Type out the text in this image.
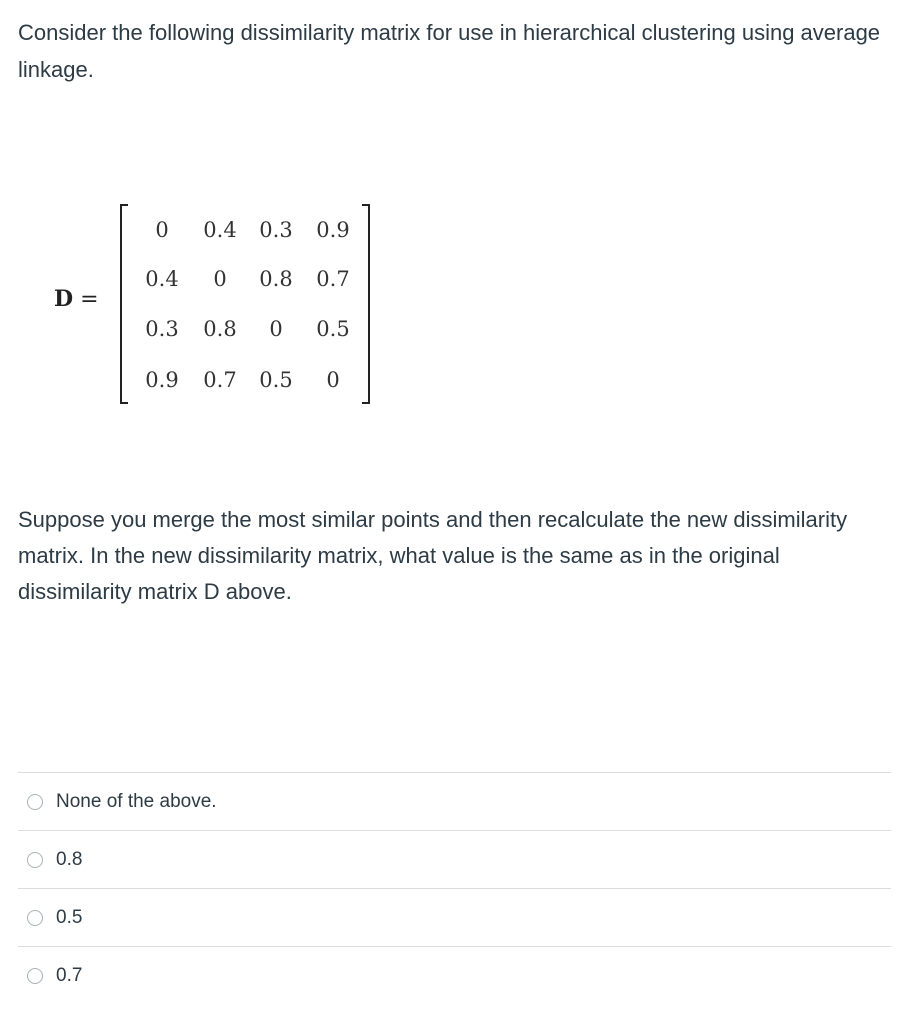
Consider the following dissimilarity matrix for use in hierarchical clustering using average linkage.

D =
0	0.4	0.3	0.9
0.4	0	0.8	0.7
0.3	0.8	0	0.5
0.9	0.7	0.5	0

Suppose you merge the most similar points and then recalculate the new dissimilarity matrix. In the new dissimilarity matrix, what value is the same as in the original dissimilarity matrix D above.

None of the above.
0.8
0.5
0.7
